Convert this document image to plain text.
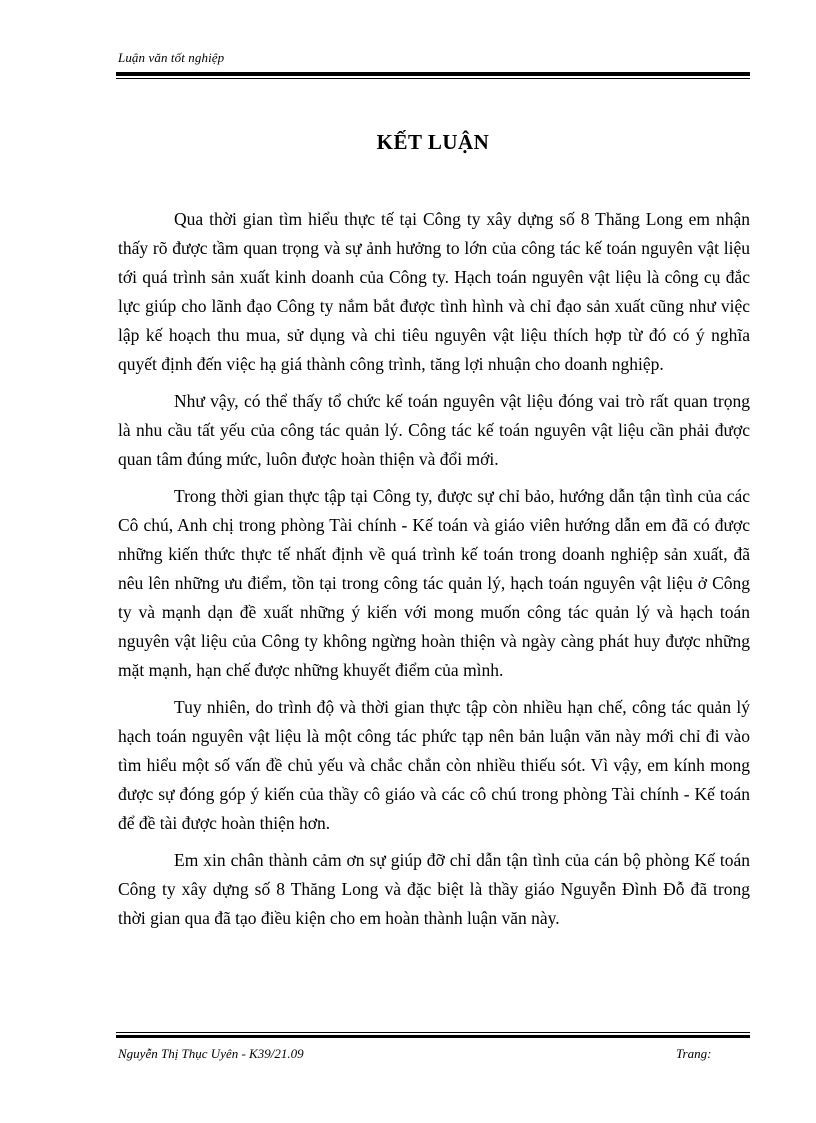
Luận văn tốt nghiệp
KẾT LUẬN

Qua thời gian tìm hiểu thực tế tại Công ty xây dựng số 8 Thăng Long em nhận thấy rõ được tầm quan trọng và sự ảnh hưởng to lớn của công tác kế toán nguyên vật liệu tới quá trình sản xuất kinh doanh của Công ty. Hạch toán nguyên vật liệu là công cụ đắc lực giúp cho lãnh đạo Công ty nắm bắt được tình hình và chỉ đạo sản xuất cũng như việc lập kế hoạch thu mua, sử dụng và chi tiêu nguyên vật liệu thích hợp từ đó có ý nghĩa quyết định đến việc hạ giá thành công trình, tăng lợi nhuận cho doanh nghiệp.

Như vậy, có thể thấy tổ chức kế toán nguyên vật liệu đóng vai trò rất quan trọng là nhu cầu tất yếu của công tác quản lý. Công tác kế toán nguyên vật liệu cần phải được quan tâm đúng mức, luôn được hoàn thiện và đổi mới.

Trong thời gian thực tập tại Công ty, được sự chỉ bảo, hướng dẫn tận tình của các Cô chú, Anh chị trong phòng Tài chính - Kế toán và giáo viên hướng dẫn em đã có được những kiến thức thực tế nhất định về quá trình kế toán trong doanh nghiệp sản xuất, đã nêu lên những ưu điểm, tồn tại trong công tác quản lý, hạch toán nguyên vật liệu ở Công ty và mạnh dạn đề xuất những ý kiến với mong muốn công tác quản lý và hạch toán nguyên vật liệu của Công ty không ngừng hoàn thiện và ngày càng phát huy được những mặt mạnh, hạn chế được những khuyết điểm của mình.

Tuy nhiên, do trình độ và thời gian thực tập còn nhiều hạn chế, công tác quản lý hạch toán nguyên vật liệu là một công tác phức tạp nên bản luận văn này mới chỉ đi vào tìm hiểu một số vấn đề chủ yếu và chắc chắn còn nhiều thiếu sót. Vì vậy, em kính mong được sự đóng góp ý kiến của thầy cô giáo và các cô chú trong phòng Tài chính - Kế toán để đề tài được hoàn thiện hơn.

Em xin chân thành cảm ơn sự giúp đỡ chỉ dẫn tận tình của cán bộ phòng Kế toán Công ty xây dựng số 8 Thăng Long và đặc biệt là thầy giáo Nguyễn Đình Đỗ đã trong thời gian qua đã tạo điều kiện cho em hoàn thành luận văn này.

Nguyễn Thị Thục Uyên - K39/21.09	Trang:
